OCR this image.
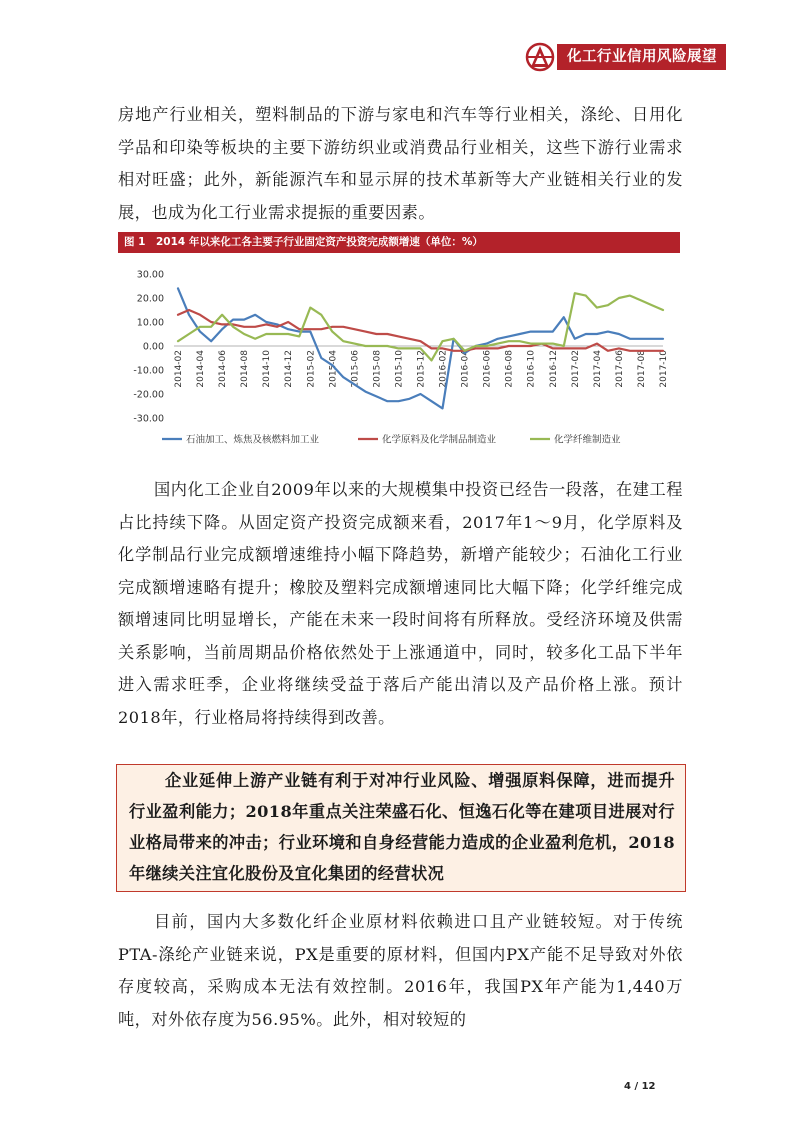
化工行业信用风险展望

房地产行业相关，塑料制品的下游与家电和汽车等行业相关，涤纶、日用化学品和印染等板块的主要下游纺织业或消费品行业相关，这些下游行业需求相对旺盛；此外，新能源汽车和显示屏的技术革新等大产业链相关行业的发展，也成为化工行业需求提振的重要因素。

图 1　2014 年以来化工各主要子行业固定资产投资完成额增速（单位：%）
30.00
20.00
10.00
0.00
-10.00
-20.00
-30.00
2014-02 2014-04 2014-06 2014-08 2014-10 2014-12 2015-02 2015-04 2015-06 2015-08 2015-10 2015-12 2016-02 2016-04 2016-06 2016-08 2016-10 2016-12 2017-02 2017-04 2017-06 2017-08 2017-10
石油加工、炼焦及核燃料加工业	化学原料及化学制品制造业	化学纤维制造业

国内化工企业自2009年以来的大规模集中投资已经告一段落，在建工程占比持续下降。从固定资产投资完成额来看，2017年1～9月，化学原料及化学制品行业完成额增速维持小幅下降趋势，新增产能较少；石油化工行业完成额增速略有提升；橡胶及塑料完成额增速同比大幅下降；化学纤维完成额增速同比明显增长，产能在未来一段时间将有所释放。受经济环境及供需关系影响，当前周期品价格依然处于上涨通道中，同时，较多化工品下半年进入需求旺季，企业将继续受益于落后产能出清以及产品价格上涨。预计2018年，行业格局将持续得到改善。

企业延伸上游产业链有利于对冲行业风险、增强原料保障，进而提升行业盈利能力；2018年重点关注荣盛石化、恒逸石化等在建项目进展对行业格局带来的冲击；行业环境和自身经营能力造成的企业盈利危机，2018年继续关注宜化股份及宜化集团的经营状况

目前，国内大多数化纤企业原材料依赖进口且产业链较短。对于传统PTA-涤纶产业链来说，PX是重要的原材料，但国内PX产能不足导致对外依存度较高，采购成本无法有效控制。2016年，我国PX年产能为1,440万吨，对外依存度为56.95%。此外，相对较短的

4 / 12
